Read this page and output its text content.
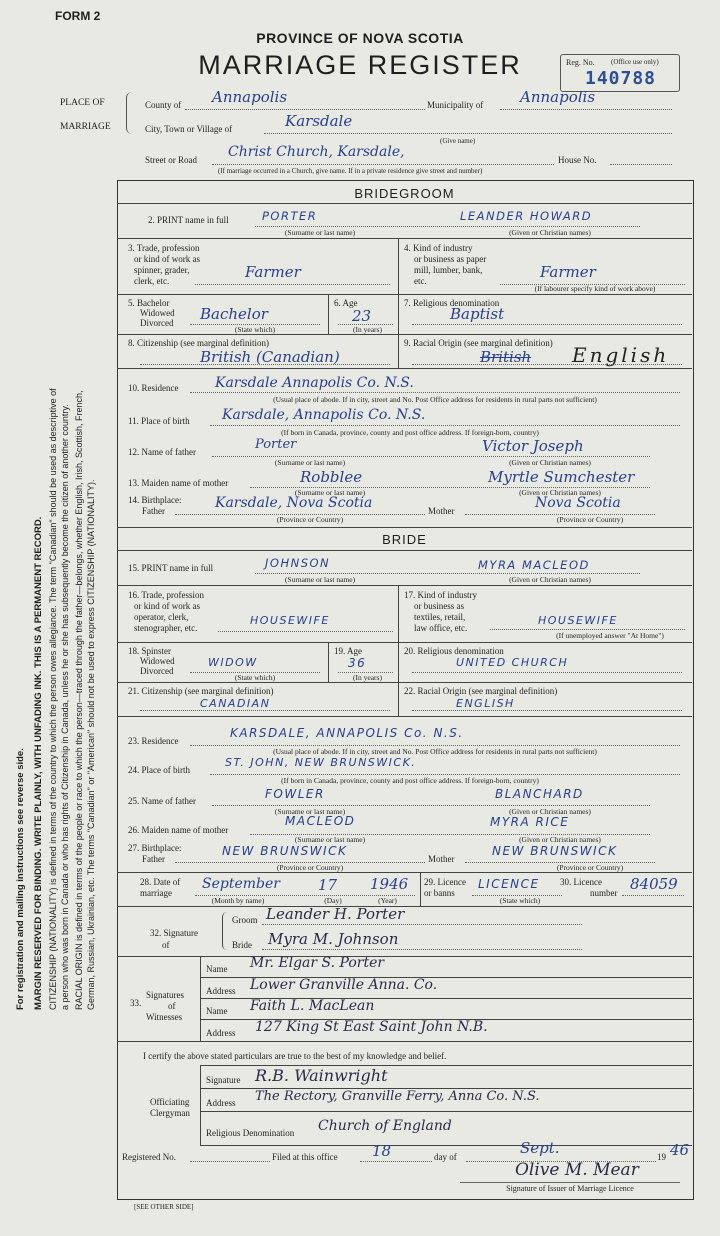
FORM 2
PROVINCE OF NOVA SCOTIA
MARRIAGE REGISTER	Reg. No. (Office use only)
140788
PLACE OF
MARRIAGE
County of Annapolis	Municipality of Annapolis
City, Town or Village of	Karsdale
(Give name)
Street or Road Christ Church, Karsdale,	House No.
(If marriage occurred in a Church, give name. If in a private residence give street and number)
For registration and mailing instructions see reverse side. MARGIN RESERVED FOR BINDING. WRITE PLAINLY, WITH UNFADING INK. THIS IS A PERMANENT RECORD. CITIZENSHIP (NATIONALITY) is defined in terms of the country to which the person owes allegiance. The term "Canadian" should be used as descriptive of a person who was born in Canada or who has rights of Citizenship in Canada, unless he or she has subsequently become the citizen of another country. RACIAL ORIGIN is defined in terms of the people or race to which the person—traced through the father—belongs, whether English, Irish, Scottish, French, German, Russian, Ukrainian, etc. The terms "Canadian" or "American" should not be used to express CITIZENSHIP (NATIONALITY).
BRIDEGROOM
2. PRINT name in full	PORTER	LEANDER HOWARD
(Surname or last name)	(Given or Christian names)
3. Trade, profession
or kind of work as
spinner, grader,
clerk, etc.	Farmer
4. Kind of industry
or business as paper
mill, lumber, bank,
etc.	Farmer
(If labourer specify kind of work above)
5. Bachelor
Widowed
Divorced Bachelor
(State which)
6. Age
23
(In years)
7. Religious denomination
Baptist
8. Citizenship (see marginal definition)
British (Canadian)
9. Racial Origin (see marginal definition)
British English
10. Residence	Karsdale Annapolis Co. N.S.
(Usual place of abode. If in city, street and No. Post Office address for residents in rural parts not sufficient)
11. Place of birth Karsdale, Annapolis Co. N.S.
(If born in Canada, province, county and post office address. If foreign-born, country)
12. Name of father	Porter	Victor Joseph
(Surname or last name)	(Given or Christian names)
13. Maiden name of mother	Robblee	Myrtle Sumchester
(Surname or last name)	(Given or Christian names)
14. Birthplace:
Father	Karsdale, Nova Scotia	Mother	Nova Scotia
(Province or Country)	(Province or Country)
BRIDE
15. PRINT name in full	JOHNSON	MYRA MACLEOD
(Surname or last name)	(Given or Christian names)
16. Trade, profession
or kind of work as
operator, clerk,
stenographer, etc.
HOUSEWIFE
17. Kind of industry
or business as
textiles, retail,
law office, etc.
HOUSEWIFE
(If unemployed answer "At Home")
18. Spinster
Widowed
Divorced
WIDOW
(State which)
19. Age
36
(In years)
20. Religious denomination
UNITED CHURCH
21. Citizenship (see marginal definition)
CANADIAN
22. Racial Origin (see marginal definition)
ENGLISH
23. Residence
KARSDALE, ANNAPOLIS Co. N.S.
(Usual place of abode. If in city, street and No. Post Office address for residents in rural parts not sufficient)
24. Place of birth
ST. JOHN, NEW BRUNSWICK.
(If born in Canada, province, county and post office address. If foreign-born, country)
25. Name of father	FOWLER	BLANCHARD
(Surname or last name)	(Given or Christian names)
26. Maiden name of mother
MACLEOD	MYRA RICE
(Surname or last name)	(Given or Christian names)
27. Birthplace:
Father
NEW BRUNSWICK
Mother
NEW BRUNSWICK
(Province or Country)	(Province or Country)
28. Date of
marriage
September	17 1946
(Month by name)	(Day)	(Year)
29. Licence
or banns
LICENCE
(State which)
30. Licence
number 84059
32. Signature
of
Groom Leander H. Porter
Bride Myra M. Johnson
33.
Signatures
of
Witnesses
Name Mr. Elgar S. Porter
Address Lower Granville Anna. Co.
Name Faith L. MacLean
Address 127 King St East Saint John N.B.
I certify the above stated particulars are true to the best of my knowledge and belief.
Officiating
Clergyman
Signature R.B. Wainwright
Address The Rectory, Granville Ferry, Anna Co. N.S.
Religious Denomination Church of England
Registered No.	Filed at this office 18	day of	Sept.	19 46
Olive M. Mear
Signature of Issuer of Marriage Licence
[SEE OTHER SIDE]
